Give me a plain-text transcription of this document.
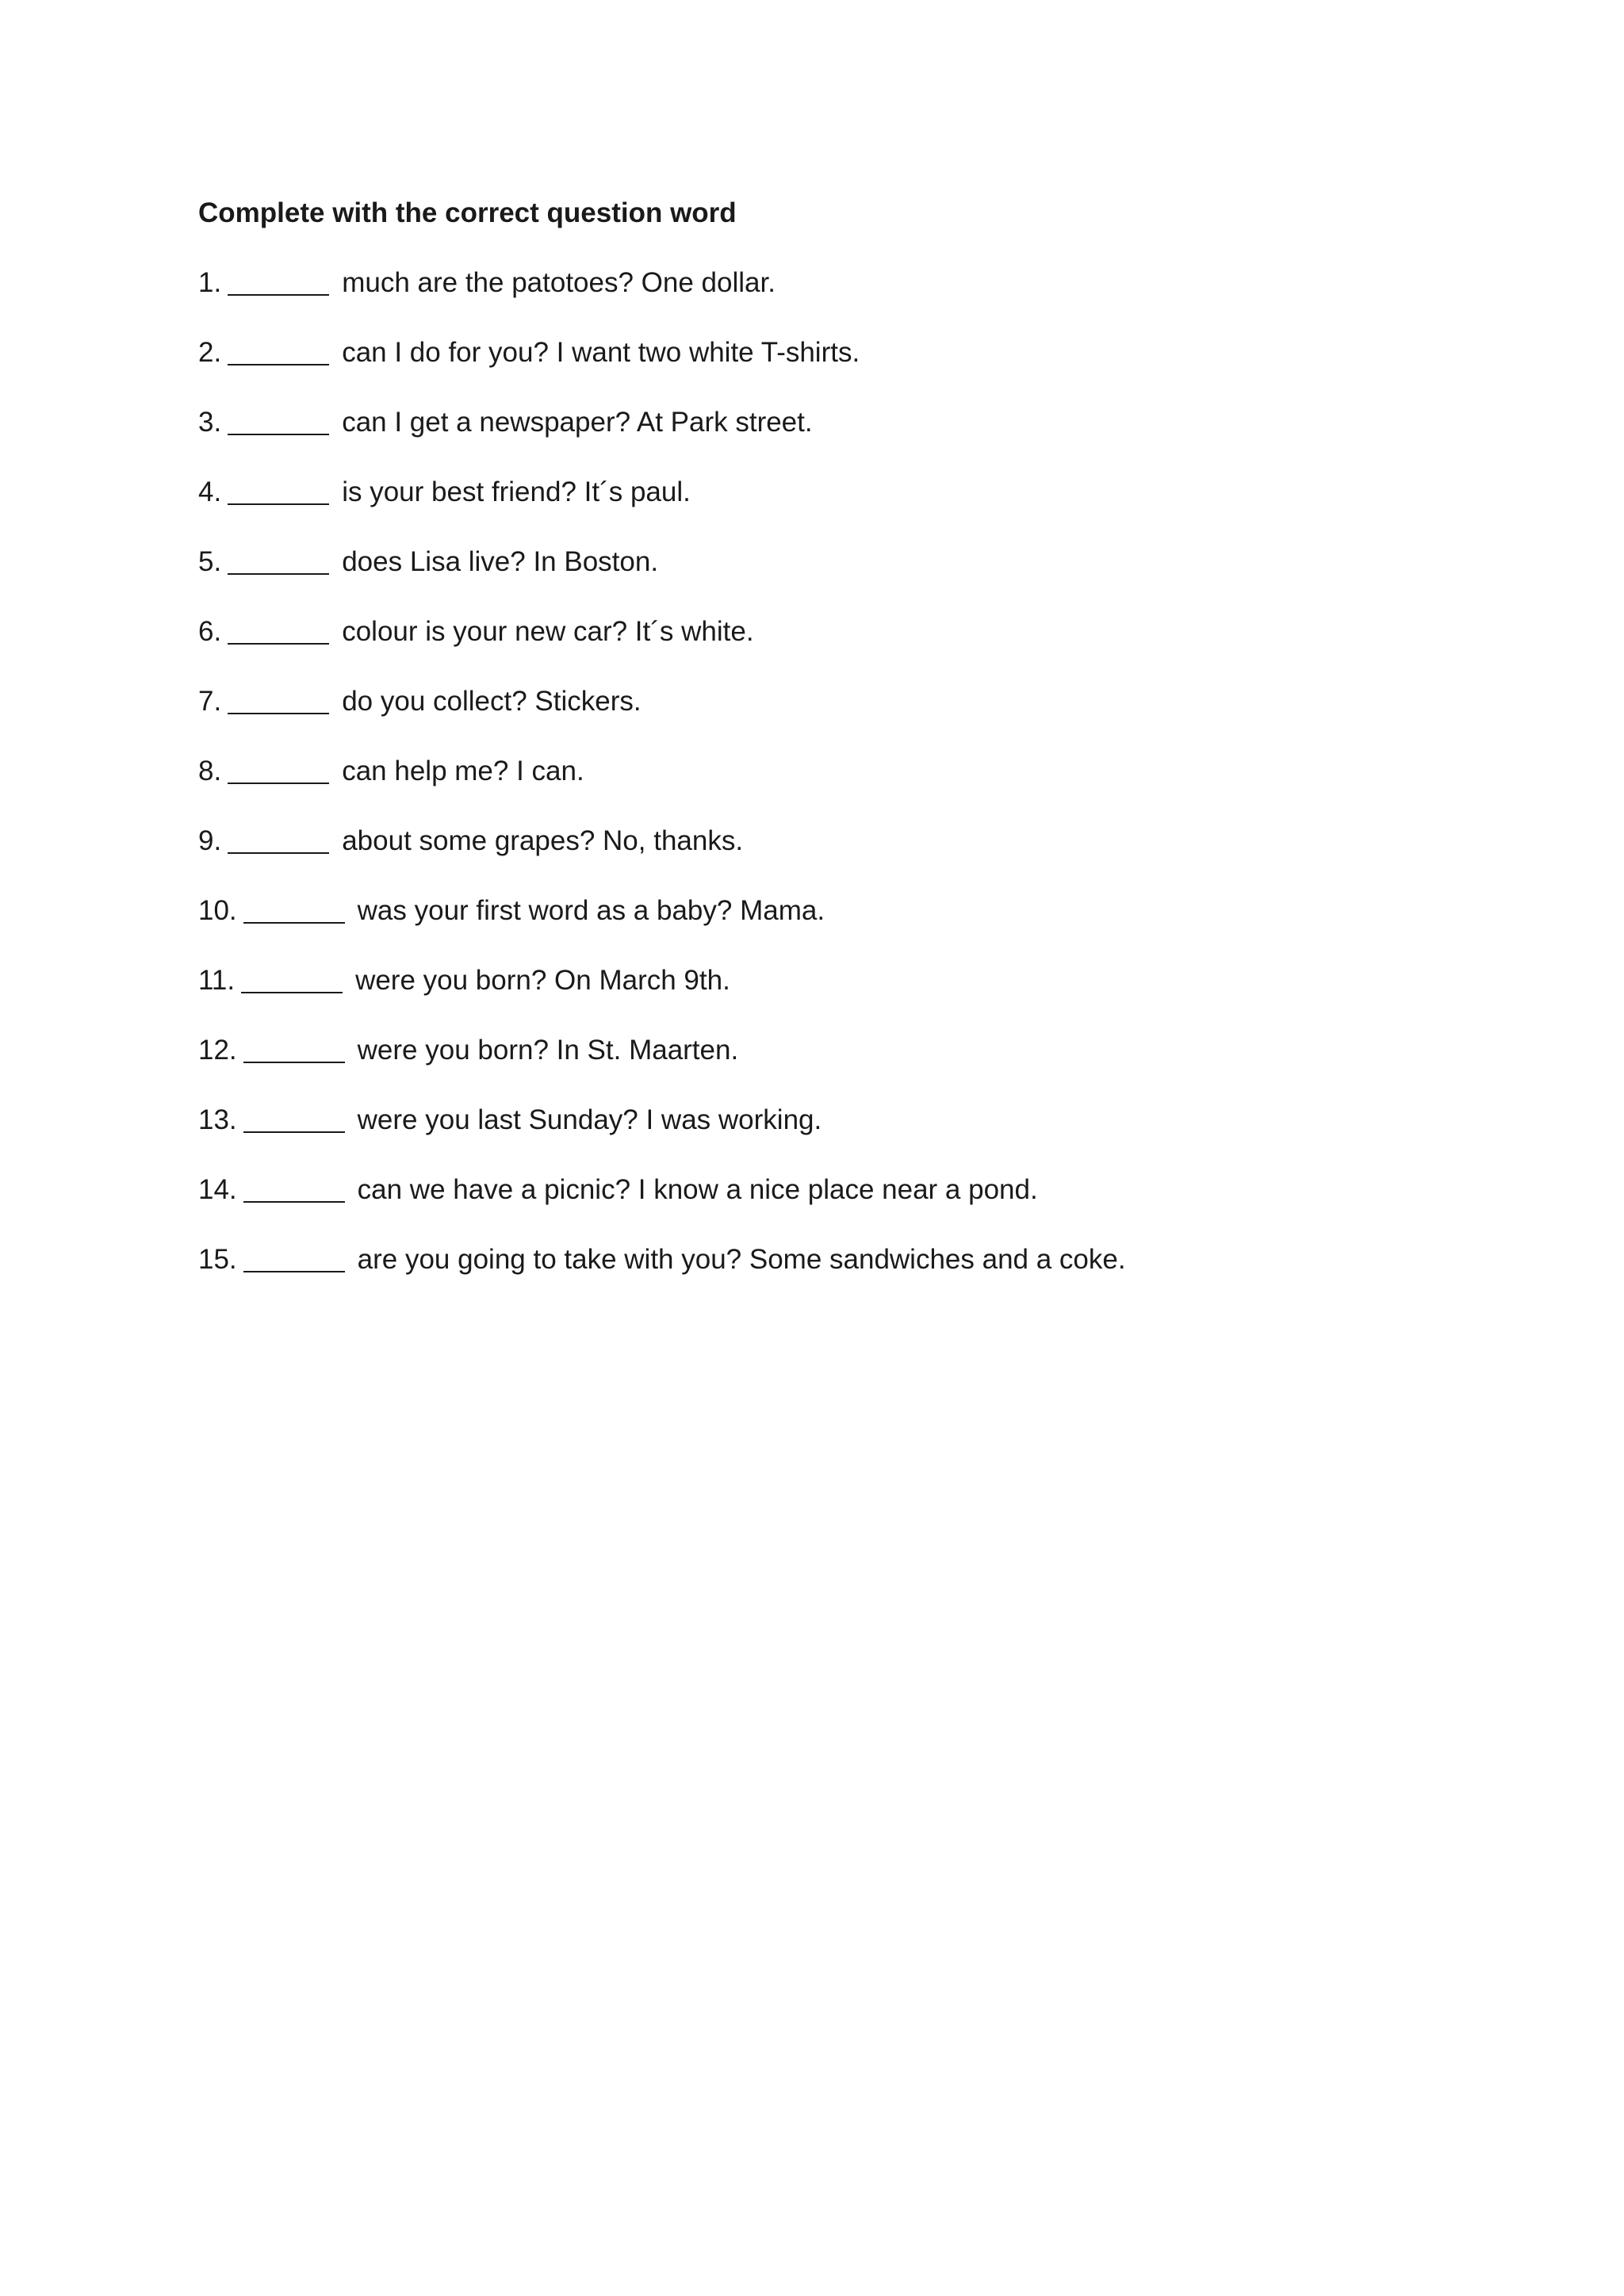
Complete with the correct question word
1.	much are the patotoes? One dollar.
2.	can I do for you? I want two white T-shirts.
3.	can I get a newspaper? At Park street.
4.	is your best friend? It´s paul.
5.	does Lisa live? In Boston.
6.	colour is your new car? It´s white.
7.	do you collect? Stickers.
8.	can help me? I can.
9.	about some grapes? No, thanks.
10.	was your first word as a baby? Mama.
11.	were you born? On March 9th.
12.	were you born? In St. Maarten.
13.	were you last Sunday? I was working.
14.	can we have a picnic? I know a nice place near a pond.
15.	are you going to take with you? Some sandwiches and a coke.
